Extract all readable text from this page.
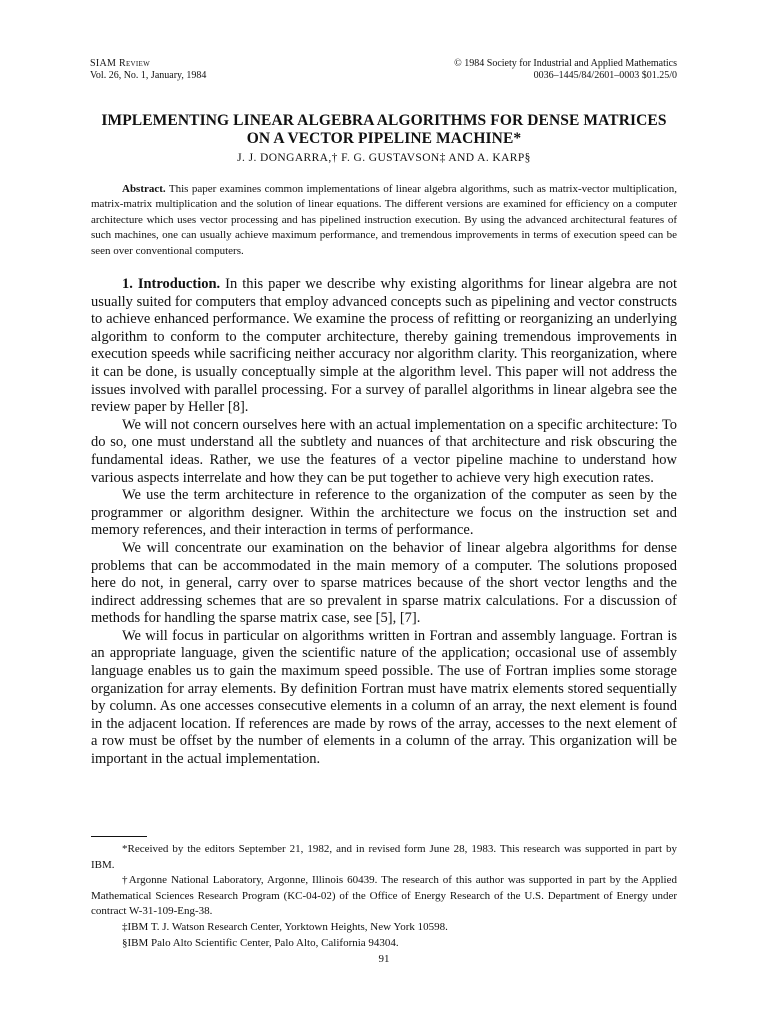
SIAM Review
Vol. 26, No. 1, January, 1984
© 1984 Society for Industrial and Applied Mathematics
0036–1445/84/2601–0003 $01.25/0
IMPLEMENTING LINEAR ALGEBRA ALGORITHMS FOR DENSE MATRICES
ON A VECTOR PIPELINE MACHINE*
J. J. DONGARRA,† F. G. GUSTAVSON‡ AND A. KARP§

Abstract. This paper examines common implementations of linear algebra algorithms, such as matrix-vector multiplication, matrix-matrix multiplication and the solution of linear equations. The different versions are examined for efficiency on a computer architecture which uses vector processing and has pipelined instruction execution. By using the advanced architectural features of such machines, one can usually achieve maximum performance, and tremendous improvements in terms of execution speed can be seen over conventional computers.

1. Introduction. In this paper we describe why existing algorithms for linear algebra are not usually suited for computers that employ advanced concepts such as pipelining and vector constructs to achieve enhanced performance. We examine the process of refitting or reorganizing an underlying algorithm to conform to the computer architecture, thereby gaining tremendous improvements in execution speeds while sacrificing neither accuracy nor algorithm clarity. This reorganization, where it can be done, is usually conceptually simple at the algorithm level. This paper will not address the issues involved with parallel processing. For a survey of parallel algorithms in linear algebra see the review paper by Heller [8].

We will not concern ourselves here with an actual implementation on a specific architecture: To do so, one must understand all the subtlety and nuances of that architecture and risk obscuring the fundamental ideas. Rather, we use the features of a vector pipeline machine to understand how various aspects interrelate and how they can be put together to achieve very high execution rates.

We use the term architecture in reference to the organization of the computer as seen by the programmer or algorithm designer. Within the architecture we focus on the instruction set and memory references, and their interaction in terms of performance.

We will concentrate our examination on the behavior of linear algebra algorithms for dense problems that can be accommodated in the main memory of a computer. The solutions proposed here do not, in general, carry over to sparse matrices because of the short vector lengths and the indirect addressing schemes that are so prevalent in sparse matrix calculations. For a discussion of methods for handling the sparse matrix case, see [5], [7].

We will focus in particular on algorithms written in Fortran and assembly language. Fortran is an appropriate language, given the scientific nature of the application; occasional use of assembly language enables us to gain the maximum speed possible. The use of Fortran implies some storage organization for array elements. By definition Fortran must have matrix elements stored sequentially by column. As one accesses consecutive elements in a column of an array, the next element is found in the adjacent location. If references are made by rows of the array, accesses to the next element of a row must be offset by the number of elements in a column of the array. This organization will be important in the actual implementation.

*Received by the editors September 21, 1982, and in revised form June 28, 1983. This research was supported in part by IBM.

†Argonne National Laboratory, Argonne, Illinois 60439. The research of this author was supported in part by the Applied Mathematical Sciences Research Program (KC-04-02) of the Office of Energy Research of the U.S. Department of Energy under contract W-31-109-Eng-38.

‡IBM T. J. Watson Research Center, Yorktown Heights, New York 10598.

§IBM Palo Alto Scientific Center, Palo Alto, California 94304.

91
